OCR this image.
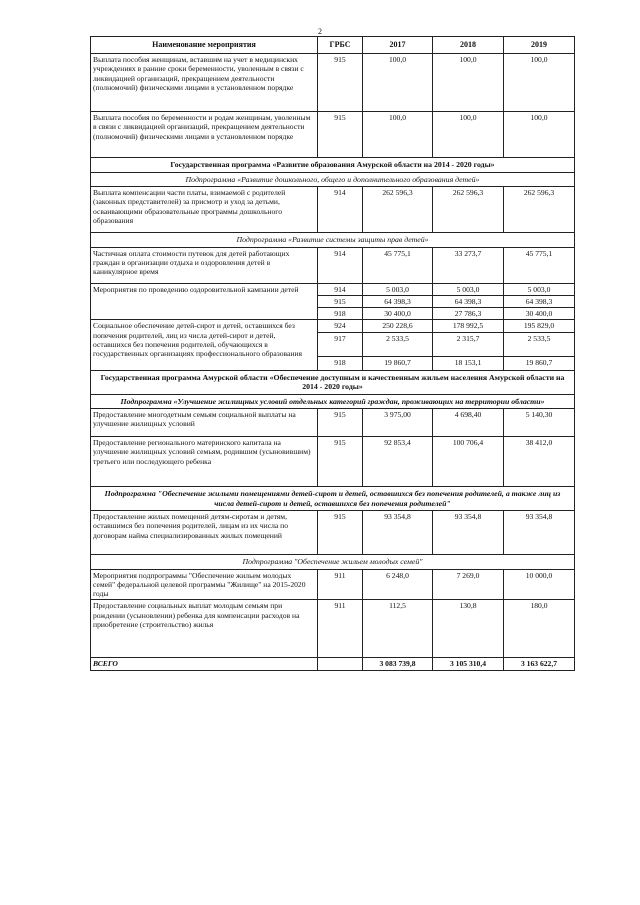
2
Наименование мероприятия	ГРБС	2017	2018	2019
Выплата пособия женщинам, вставшим на учет в медицинских учреждениях в ранние сроки беременности, уволенным в связи с ликвидацией организаций, прекращением деятельности (полномочий) физическими лицами в установленном порядке	915	100,0	100,0	100,0
Выплата пособия по беременности и родам женщинам, уволенным в связи с ликвидацией организаций, прекращением деятельности (полномочий) физическими лицами в установленном порядке	915	100,0	100,0	100,0
Государственная программа «Развитие образования Амурской области на 2014 - 2020 годы»				
Подпрограмма «Развитие дошкольного, общего и дополнительного образования детей»				
Выплата компенсации части платы, взимаемой с родителей (законных представителей) за присмотр и уход за детьми, осваивающими образовательные программы дошкольного образования	914	262 596,3	262 596,3	262 596,3
Подпрограмма «Развитие системы защиты прав детей»				
Частичная оплата стоимости путевок для детей работающих граждан в организации отдыха и оздоровления детей в каникулярное время	914	45 775,1	33 273,7	45 775,1
Мероприятия по проведению оздоровительной кампании детей	914	5 003,0	5 003,0	5 003,0
	915	64 398,3	64 398,3	64 398,3
	918	30 400,0	27 786,3	30 400,0
Социальное обеспечение детей-сирот и детей, оставшихся без попечения родителей, лиц из числа детей-сирот и детей, оставшихся без попечения родителей, обучающихся в государственных организациях профессионального образования	924	250 228,6	178 992,5	195 829,0
	917	2 533,5	2 315,7	2 533,5
	918	19 860,7	18 153,1	19 860,7
Государственная программа Амурской области «Обеспечение доступным и качественным жильем населения Амурской области на 2014 - 2020 годы»				
Подпрограмма «Улучшение жилищных условий отдельных категорий граждан, проживающих на территории области»				
Предоставление многодетным семьям социальной выплаты на улучшение жилищных условий	915	3 975,00	4 698,40	5 140,30
Предоставление регионального материнского капитала на улучшение жилищных условий семьям, родившим (усыновившим) третьего или последующего ребенка	915	92 853,4	100 706,4	38 412,0
Подпрограмма "Обеспечение жилыми помещениями детей-сирот и детей, оставшихся без попечения родителей, а также лиц из числа детей-сирот и детей, оставшихся без попечения родителей"				
Предоставление жилых помещений детям-сиротам и детям, оставшимся без попечения родителей, лицам из их числа по договорам найма специализированных жилых помещений	915	93 354,8	93 354,8	93 354,8
Подпрограмма "Обеспечение жильем молодых семей"				
Мероприятия подпрограммы "Обеспечение жильем молодых семей" федеральной целевой программы "Жилище" на 2015-2020 годы	911	6 248,0	7 269,0	10 000,0
Предоставление социальных выплат молодым семьям при рождении (усыновлении) ребенка для компенсации расходов на приобретение (строительство) жилья	911	112,5	130,8	180,0
ВСЕГО		3 083 739,8	3 105 310,4	3 163 622,7
